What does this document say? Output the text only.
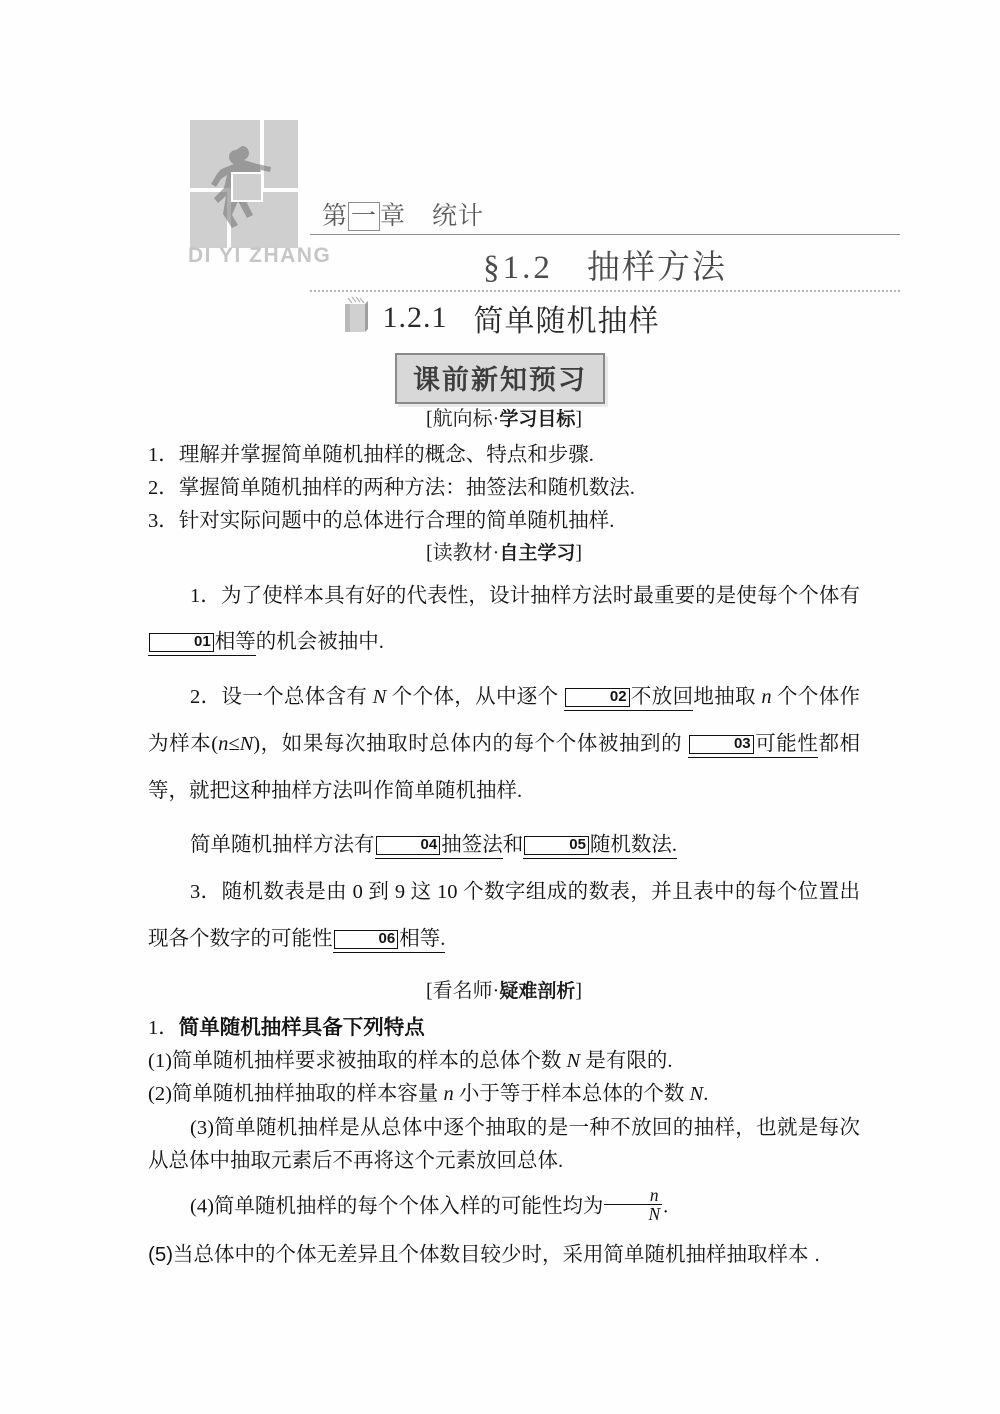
DI YI ZHANG
第 一 章 统计
§1.2 抽样方法
1.2.1 简单随机抽样
课前新知预习

[航向标·学习目标]

1．理解并掌握简单随机抽样的概念、特点和步骤.

2．掌握简单随机抽样的两种方法：抽签法和随机数法.

3．针对实际问题中的总体进行合理的简单随机抽样.

[读教材·自主学习]

1．为了使样本具有好的代表性，设计抽样方法时最重要的是使每个个体有01 相等的机会被抽中.

2．设一个总体含有 N 个个体，从中逐个	02 不放回地抽取 n 个个体作为样本(n≤N)，如果每次抽取时总体内的每个个体被抽到的	03 可能性都相等，就把这种抽样方法叫作简单随机抽样.

简单随机抽样方法有	04 抽签法和	05 随机数法.

3．随机数表是由 0 到 9 这 10 个数字组成的数表，并且表中的每个位置出现各个数字的可能性	06 相等.

[看名师·疑难剖析]

1．简单随机抽样具备下列特点

(1)简单随机抽样要求被抽取的样本的总体个数 N 是有限的.

(2)简单随机抽样抽取的样本容量 n 小于等于样本总体的个数 N.

(3)简单随机抽样是从总体中逐个抽取的是一种不放回的抽样，也就是每次从总体中抽取元素后不再将这个元素放回总体.

(4)简单随机抽样的每个个体入样的可能性均为 $\frac{n}{N}$ .

(5)当总体中的个体无差异且个体数目较少时，采用简单随机抽样抽取样本 .
